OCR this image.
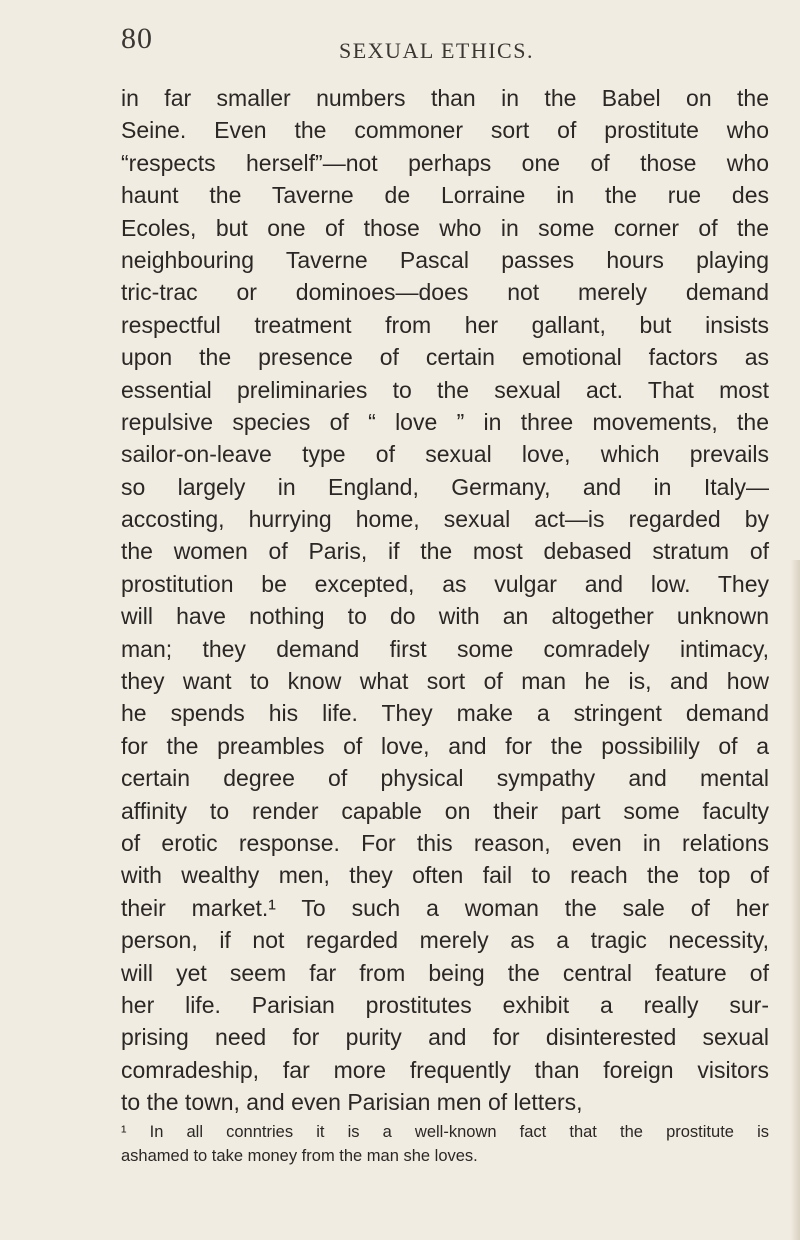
80	SEXUAL ETHICS.
in far smaller numbers than in the Babel on the
Seine. Even the commoner sort of prostitute who
“respects herself”—not perhaps one of those who
haunt the Taverne de Lorraine in the rue des
Ecoles, but one of those who in some corner of the
neighbouring Taverne Pascal passes hours playing
tric-trac or dominoes—does not merely demand
respectful treatment from her gallant, but insists
upon the presence of certain emotional factors as
essential preliminaries to the sexual act. That most
repulsive species of “ love ” in three movements, the
sailor-on-leave type of sexual love, which prevails
so largely in England, Germany, and in Italy—
accosting, hurrying home, sexual act—is regarded by
the women of Paris, if the most debased stratum of
prostitution be excepted, as vulgar and low. They
will have nothing to do with an altogether unknown
man; they demand first some comradely intimacy,
they want to know what sort of man he is, and how
he spends his life. They make a stringent demand
for the preambles of love, and for the possibilily of a
certain degree of physical sympathy and mental
affinity to render capable on their part some faculty
of erotic response. For this reason, even in relations
with wealthy men, they often fail to reach the top of
their market.¹ To such a woman the sale of her
person, if not regarded merely as a tragic necessity,
will yet seem far from being the central feature of
her life. Parisian prostitutes exhibit a really sur-
prising need for purity and for disinterested sexual
comradeship, far more frequently than foreign visitors
to the town, and even Parisian men of letters,
¹ In all conntries it is a well-known fact that the prostitute is
ashamed to take money from the man she loves.
